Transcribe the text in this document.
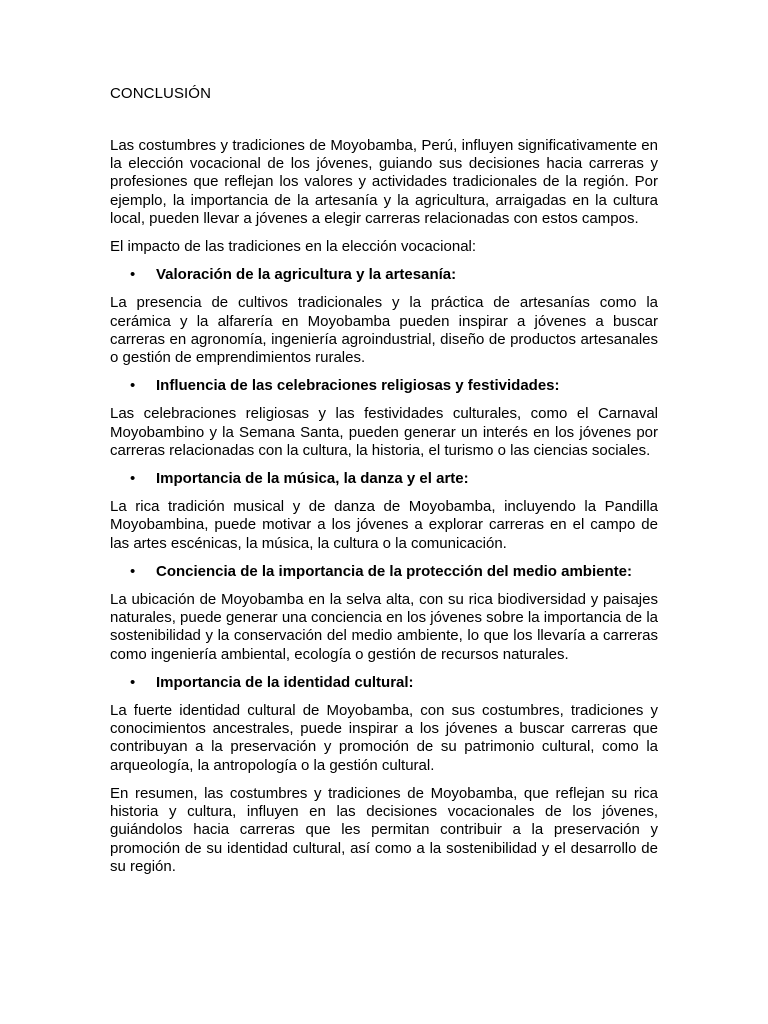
CONCLUSIÓN

Las costumbres y tradiciones de Moyobamba, Perú, influyen significativamente en la elección vocacional de los jóvenes, guiando sus decisiones hacia carreras y profesiones que reflejan los valores y actividades tradicionales de la región. Por ejemplo, la importancia de la artesanía y la agricultura, arraigadas en la cultura local, pueden llevar a jóvenes a elegir carreras relacionadas con estos campos.

El impacto de las tradiciones en la elección vocacional:

•	Valoración de la agricultura y la artesanía:

La presencia de cultivos tradicionales y la práctica de artesanías como la cerámica y la alfarería en Moyobamba pueden inspirar a jóvenes a buscar carreras en agronomía, ingeniería agroindustrial, diseño de productos artesanales o gestión de emprendimientos rurales.

•	Influencia de las celebraciones religiosas y festividades:

Las celebraciones religiosas y las festividades culturales, como el Carnaval Moyobambino y la Semana Santa, pueden generar un interés en los jóvenes por carreras relacionadas con la cultura, la historia, el turismo o las ciencias sociales.

•	Importancia de la música, la danza y el arte:

La rica tradición musical y de danza de Moyobamba, incluyendo la Pandilla Moyobambina, puede motivar a los jóvenes a explorar carreras en el campo de las artes escénicas, la música, la cultura o la comunicación.

•	Conciencia de la importancia de la protección del medio ambiente:

La ubicación de Moyobamba en la selva alta, con su rica biodiversidad y paisajes naturales, puede generar una conciencia en los jóvenes sobre la importancia de la sostenibilidad y la conservación del medio ambiente, lo que los llevaría a carreras como ingeniería ambiental, ecología o gestión de recursos naturales.

•	Importancia de la identidad cultural:

La fuerte identidad cultural de Moyobamba, con sus costumbres, tradiciones y conocimientos ancestrales, puede inspirar a los jóvenes a buscar carreras que contribuyan a la preservación y promoción de su patrimonio cultural, como la arqueología, la antropología o la gestión cultural.

En resumen, las costumbres y tradiciones de Moyobamba, que reflejan su rica historia y cultura, influyen en las decisiones vocacionales de los jóvenes, guiándolos hacia carreras que les permitan contribuir a la preservación y promoción de su identidad cultural, así como a la sostenibilidad y el desarrollo de su región.
